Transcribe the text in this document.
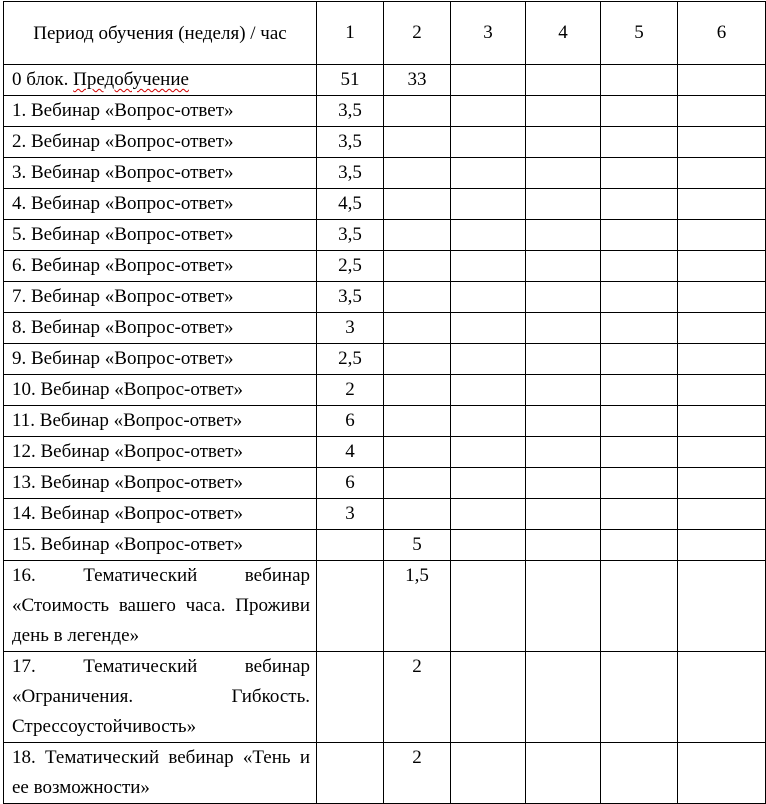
Период обучения (неделя) / час	1	2	3	4	5	6
0 блок. Предобучение	51	33				
1. Вебинар «Вопрос-ответ»	3,5					
2. Вебинар «Вопрос-ответ»	3,5					
3. Вебинар «Вопрос-ответ»	3,5					
4. Вебинар «Вопрос-ответ»	4,5					
5. Вебинар «Вопрос-ответ»	3,5					
6. Вебинар «Вопрос-ответ»	2,5					
7. Вебинар «Вопрос-ответ»	3,5					
8. Вебинар «Вопрос-ответ»	3					
9. Вебинар «Вопрос-ответ»	2,5					
10. Вебинар «Вопрос-ответ»	2					
11. Вебинар «Вопрос-ответ»	6					
12. Вебинар «Вопрос-ответ»	4					
13. Вебинар «Вопрос-ответ»	6					
14. Вебинар «Вопрос-ответ»	3					
15. Вебинар «Вопрос-ответ»		5				
16. Тематический вебинар «Стоимость вашего часа. Проживи день в легенде»		1,5				
17. Тематический вебинар «Ограничения. Гибкость. Стрессоустойчивость»		2				
18. Тематический вебинар «Тень и ее возможности»		2				
